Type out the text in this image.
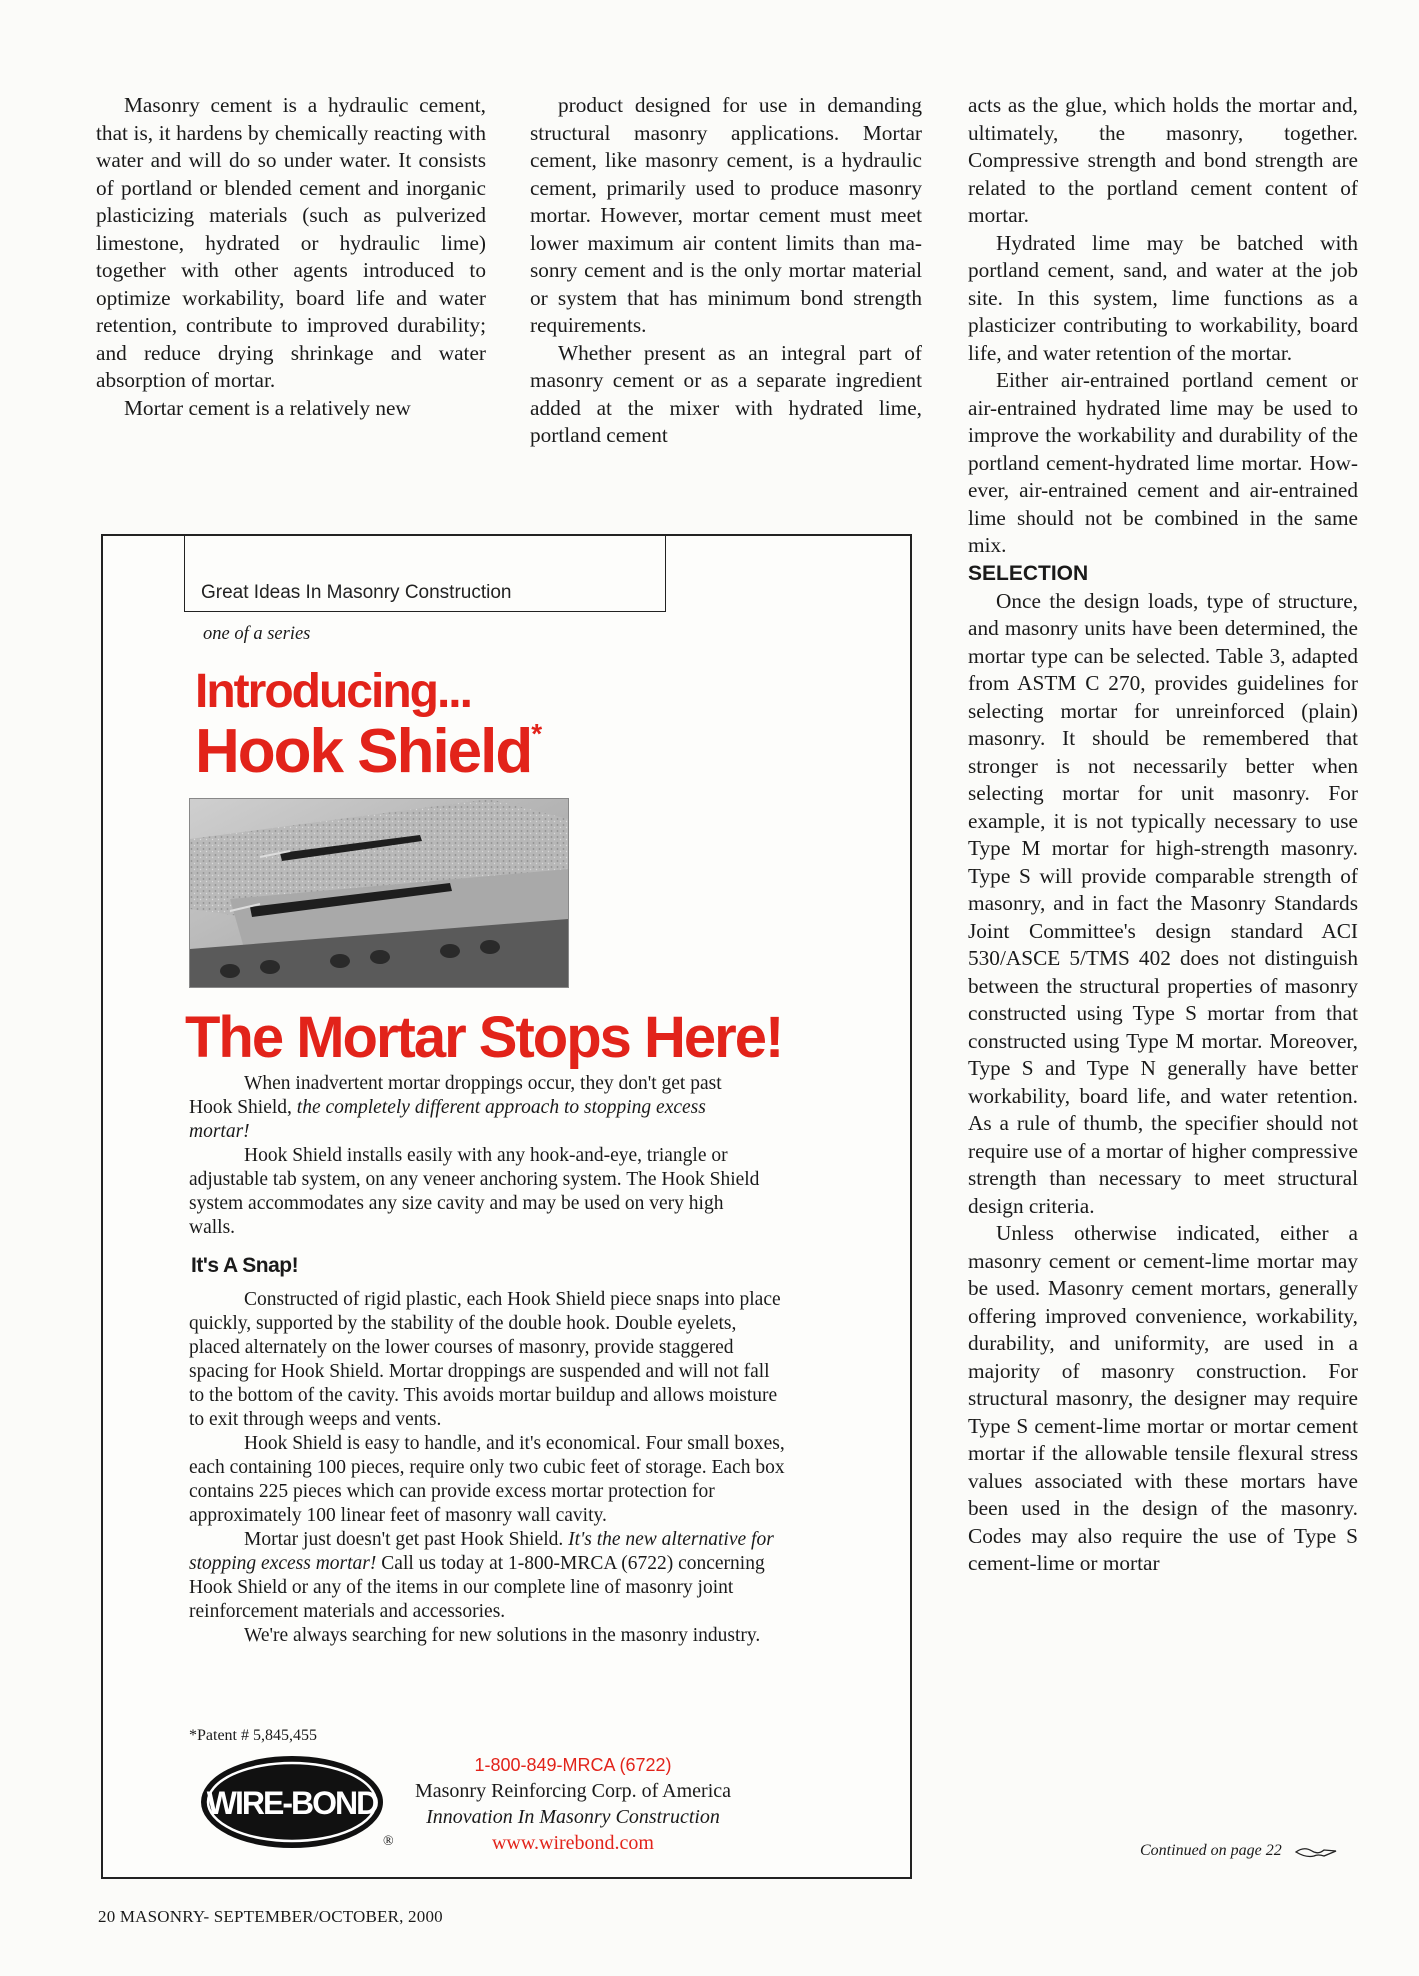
Masonry cement is a hydraulic cement, that is, it hardens by chemically reacting with water and will do so under water. It consists of portland or blended cement and inorganic plasticizing materials (such as pulverized limestone, hydrated or hydraulic lime) together with other agents introduced to optimize workability, board life and water retention, contribute to improved durability; and reduce drying shrinkage and water absorption of mortar.

Mortar cement is a relatively new

product designed for use in demanding structural masonry applications. Mortar cement, like masonry cement, is a hydraulic cement, primarily used to produce masonry mortar. However, mortar cement must meet lower maximum air content limits than masonry cement and is the only mortar material or system that has minimum bond strength requirements.

Whether present as an integral part of masonry cement or as a separate ingredient added at the mixer with hydrated lime, portland cement

acts as the glue, which holds the mortar and, ultimately, the masonry, together. Compressive strength and bond strength are related to the portland cement content of mortar.

Hydrated lime may be batched with portland cement, sand, and water at the job site. In this system, lime functions as a plasticizer contributing to workability, board life, and water retention of the mortar.

Either air-entrained portland cement or air-entrained hydrated lime may be used to improve the workability and durability of the portland cement-hydrated lime mortar. However, air-entrained cement and air-entrained lime should not be combined in the same mix.

SELECTION

Once the design loads, type of structure, and masonry units have been determined, the mortar type can be selected. Table 3, adapted from ASTM C 270, provides guidelines for selecting mortar for unreinforced (plain) masonry. It should be remembered that stronger is not necessarily better when selecting mortar for unit masonry. For example, it is not typically necessary to use Type M mortar for high-strength masonry. Type S will provide comparable strength of masonry, and in fact the Masonry Standards Joint Committee's design standard ACI 530/ASCE 5/TMS 402 does not distinguish between the structural properties of masonry constructed using Type S mortar from that constructed using Type M mortar. Moreover, Type S and Type N generally have better workability, board life, and water retention. As a rule of thumb, the specifier should not require use of a mortar of higher compressive strength than necessary to meet structural design criteria.

Unless otherwise indicated, either a masonry cement or cement-lime mortar may be used. Masonry cement mortars, generally offering improved convenience, workability, durability, and uniformity, are used in a majority of masonry construction. For structural masonry, the designer may require Type S cement-lime mortar or mortar cement mortar if the allowable tensile flexural stress values associated with these mortars have been used in the design of the masonry. Codes may also require the use of Type S cement-lime or mortar

Continued on page 22
20 MASONRY- SEPTEMBER/OCTOBER, 2000
Great Ideas In Masonry Construction
one of a series
Introducing...
Hook Shield*
The Mortar Stops Here!

When inadvertent mortar droppings occur, they don't get past Hook Shield, the completely different approach to stopping excess mortar!

Hook Shield installs easily with any hook-and-eye, triangle or adjustable tab system, on any veneer anchoring system. The Hook Shield system accommodates any size cavity and may be used on very high walls.

It's A Snap!

Constructed of rigid plastic, each Hook Shield piece snaps into place quickly, supported by the stability of the double hook. Double eyelets, placed alternately on the lower courses of masonry, provide staggered spacing for Hook Shield. Mortar droppings are suspended and will not fall to the bottom of the cavity. This avoids mortar buildup and allows moisture to exit through weeps and vents.

Hook Shield is easy to handle, and it's economical. Four small boxes, each containing 100 pieces, require only two cubic feet of storage. Each box contains 225 pieces which can provide excess mortar protection for approximately 100 linear feet of masonry wall cavity.

Mortar just doesn't get past Hook Shield. It's the new alternative for stopping excess mortar! Call us today at 1-800-MRCA (6722) concerning Hook Shield or any of the items in our complete line of masonry joint reinforcement materials and accessories.

We're always searching for new solutions in the masonry industry.

*Patent # 5,845,455
WIRE-BOND
®
1-800-849-MRCA (6722)
Masonry Reinforcing Corp. of America
Innovation In Masonry Construction
www.wirebond.com
